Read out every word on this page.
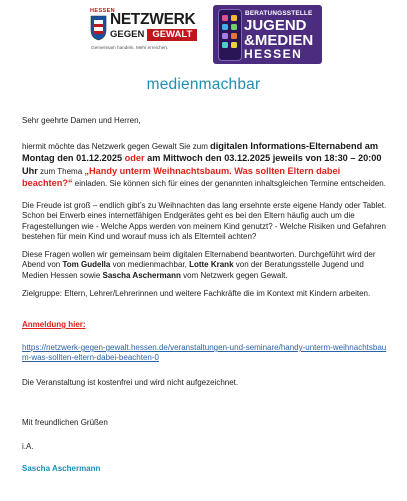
HESSEN
NETZWERK
GEGEN GEWALT
Gemeinsam handeln. Mehr erreichen.
BERATUNGSSTELLE
JUGEND
&MEDIEN
HESSEN
medienmachbar
Sehr geehrte Damen und Herren,
hiermit möchte das Netzwerk gegen Gewalt Sie zum digitalen Informations-Elternabend am Montag den 01.12.2025 oder am Mittwoch den 03.12.2025 jeweils von 18:30 – 20:00 Uhr zum Thema „Handy unterm Weihnachtsbaum. Was sollten Eltern dabei beachten?“ einladen. Sie können sich für eines der genannten inhaltsgleichen Termine entscheiden.
Die Freude ist groß – endlich gibt’s zu Weihnachten das lang ersehnte erste eigene Handy oder Tablet. Schon bei Erwerb eines internetfähigen Endgerätes geht es bei den Eltern häufig auch um die Fragestellungen wie - Welche Apps werden von meinem Kind genutzt? - Welche Risiken und Gefahren bestehen für mein Kind und worauf muss ich als Elternteil achten?
Diese Fragen wollen wir gemeinsam beim digitalen Elternabend beantworten. Durchgeführt wird der Abend von Tom Gudella von medienmachbar, Lotte Krank von der Beratungsstelle Jugend und Medien Hessen sowie Sascha Aschermann vom Netzwerk gegen Gewalt.
Zielgruppe: Eltern, Lehrer/Lehrerinnen und weitere Fachkräfte die im Kontext mit Kindern arbeiten.
Anmeldung hier:
https://netzwerk-gegen-gewalt.hessen.de/veranstaltungen-und-seminare/handy-unterm-weihnachtsbaum-was-sollten-eltern-dabei-beachten-0
Die Veranstaltung ist kostenfrei und wird nicht aufgezeichnet.
Mit freundlichen Grüßen
i.A.
Sascha Aschermann
